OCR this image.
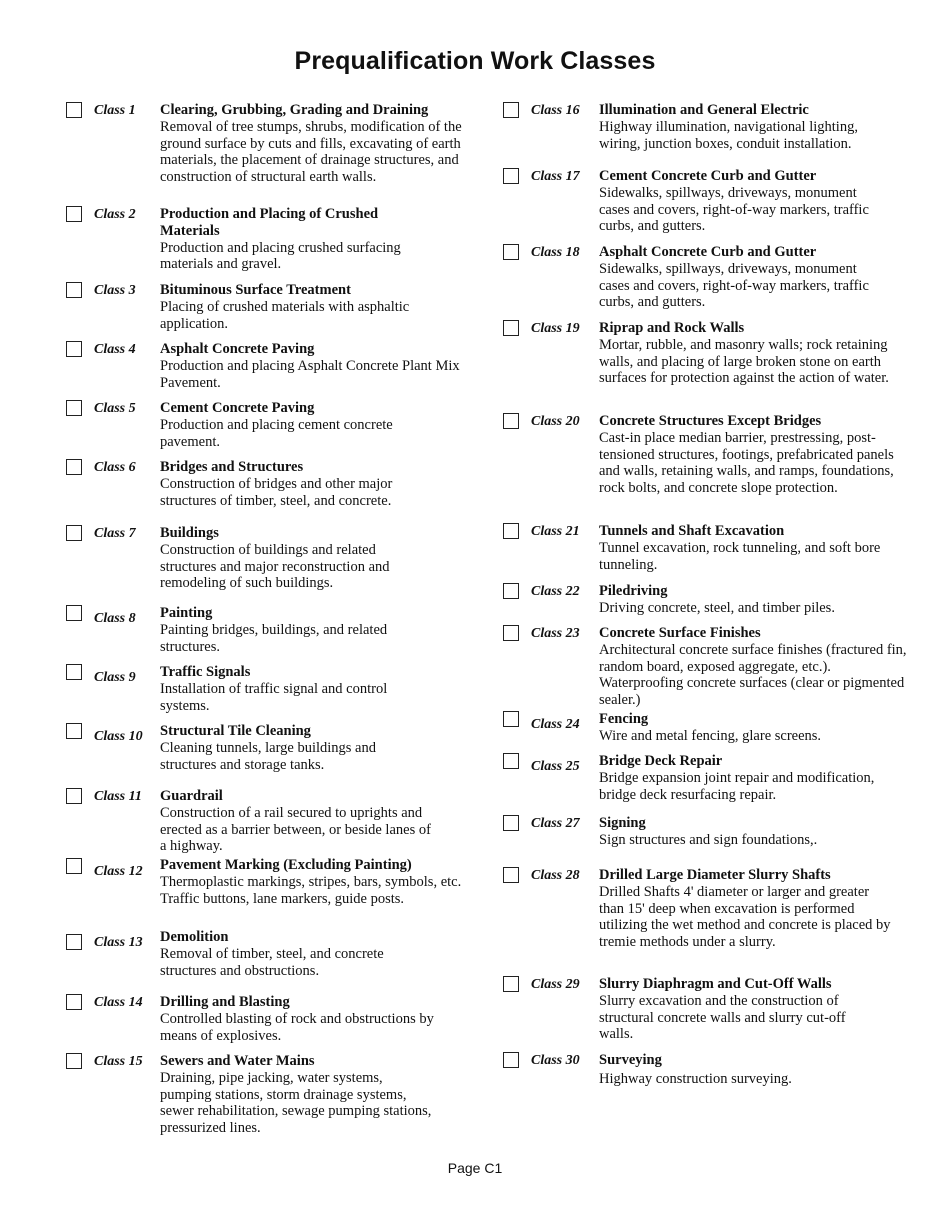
Prequalification Work Classes
Class 1 Clearing, Grubbing, Grading and Draining
Removal of tree stumps, shrubs, modification of the ground surface by cuts and fills, excavating of earth materials, the placement of drainage structures, and construction of structural earth walls.
Class 2 Production and Placing of Crushed Materials
Production and placing crushed surfacing materials and gravel.
Class 3 Bituminous Surface Treatment
Placing of crushed materials with asphaltic application.
Class 4 Asphalt Concrete Paving
Production and placing Asphalt Concrete Plant Mix Pavement.
Class 5 Cement Concrete Paving
Production and placing cement concrete pavement.
Class 6 Bridges and Structures
Construction of bridges and other major structures of timber, steel, and concrete.
Class 7 Buildings
Construction of buildings and related structures and major reconstruction and remodeling of such buildings.
Class 8 Painting
Painting bridges, buildings, and related structures.
Class 9 Traffic Signals
Installation of traffic signal and control systems.
Class 10 Structural Tile Cleaning
Cleaning tunnels, large buildings and structures and storage tanks.
Class 11 Guardrail
Construction of a rail secured to uprights and erected as a barrier between, or beside lanes of a highway.
Class 12 Pavement Marking (Excluding Painting)
Thermoplastic markings, stripes, bars, symbols, etc. Traffic buttons, lane markers, guide posts.
Class 13 Demolition
Removal of timber, steel, and concrete structures and obstructions.
Class 14 Drilling and Blasting
Controlled blasting of rock and obstructions by means of explosives.
Class 15 Sewers and Water Mains
Draining, pipe jacking, water systems, pumping stations, storm drainage systems, sewer rehabilitation, sewage pumping stations, pressurized lines.
Class 16 Illumination and General Electric
Highway illumination, navigational lighting, wiring, junction boxes, conduit installation.
Class 17 Cement Concrete Curb and Gutter
Sidewalks, spillways, driveways, monument cases and covers, right-of-way markers, traffic curbs, and gutters.
Class 18 Asphalt Concrete Curb and Gutter
Sidewalks, spillways, driveways, monument cases and covers, right-of-way markers, traffic curbs, and gutters.
Class 19 Riprap and Rock Walls
Mortar, rubble, and masonry walls; rock retaining walls, and placing of large broken stone on earth surfaces for protection against the action of water.
Class 20 Concrete Structures Except Bridges
Cast-in place median barrier, prestressing, post-tensioned structures, footings, prefabricated panels and walls, retaining walls, and ramps, foundations, rock bolts, and concrete slope protection.
Class 21 Tunnels and Shaft Excavation
Tunnel excavation, rock tunneling, and soft bore tunneling.
Class 22 Piledriving
Driving concrete, steel, and timber piles.
Class 23 Concrete Surface Finishes
Architectural concrete surface finishes (fractured fin, random board, exposed aggregate, etc.). Waterproofing concrete surfaces (clear or pigmented sealer.)
Class 24 Fencing
Wire and metal fencing, glare screens.
Class 25 Bridge Deck Repair
Bridge expansion joint repair and modification, bridge deck resurfacing repair.
Class 27 Signing
Sign structures and sign foundations,.
Class 28 Drilled Large Diameter Slurry Shafts
Drilled Shafts 4' diameter or larger and greater than 15' deep when excavation is performed utilizing the wet method and concrete is placed by tremie methods under a slurry.
Class 29 Slurry Diaphragm and Cut-Off Walls
Slurry excavation and the construction of structural concrete walls and slurry cut-off walls.
Class 30 Surveying
Highway construction surveying.
Page C1
